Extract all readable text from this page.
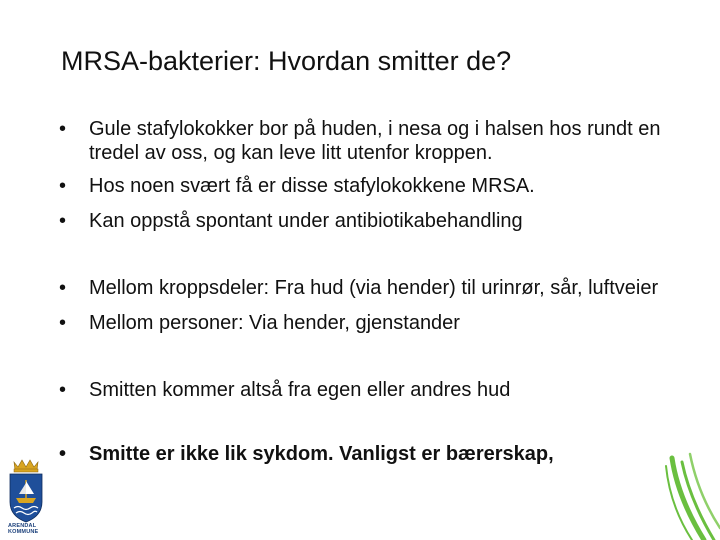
MRSA-bakterier: Hvordan smitter de?
• Gule stafylokokker bor på huden, i nesa og i halsen hos rundt en tredel av oss, og kan leve litt utenfor kroppen.
• Hos noen svært få er disse stafylokokkene MRSA.
• Kan oppstå spontant under antibiotikabehandling
• Mellom kroppsdeler: Fra hud (via hender) til urinrør, sår, luftveier
• Mellom personer: Via hender, gjenstander
• Smitten kommer altså fra egen eller andres hud
• Smitte er ikke lik sykdom. Vanligst er bærerskap,
ARENDAL
KOMMUNE
